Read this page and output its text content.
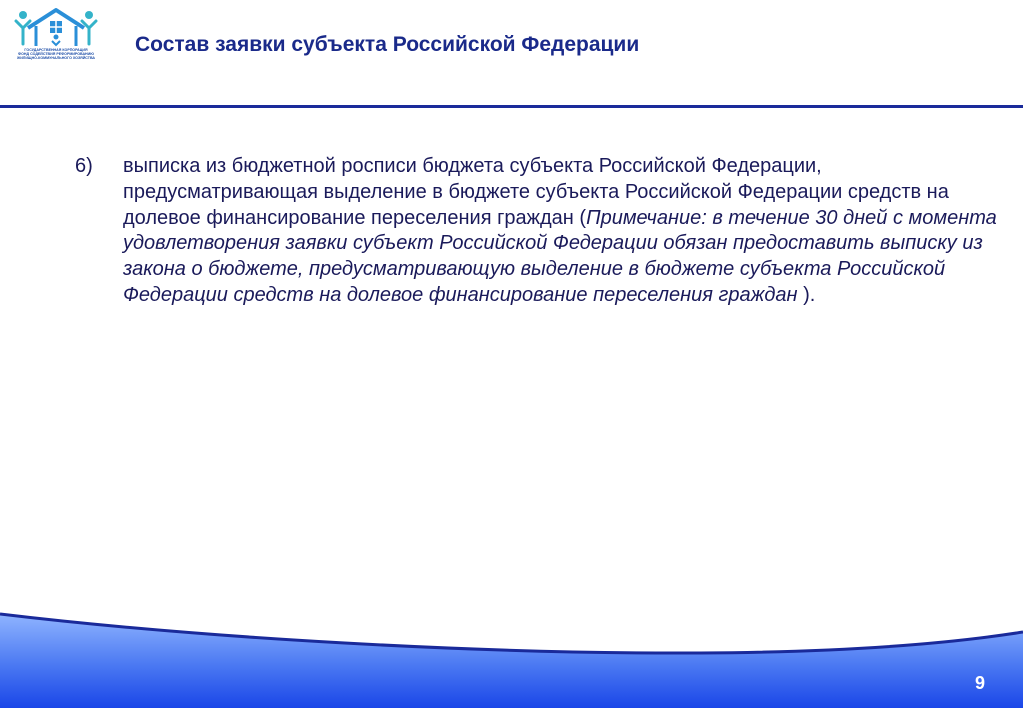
ГОСУДАРСТВЕННАЯ КОРПОРАЦИЯ
ФОНД СОДЕЙСТВИЯ РЕФОРМИРОВАНИЮ
ЖИЛИЩНО-КОММУНАЛЬНОГО ХОЗЯЙСТВА
Состав заявки субъекта Российской Федерации
6) выписка из бюджетной росписи бюджета субъекта Российской Федерации, предусматривающая выделение в бюджете субъекта Российской Федерации средств на долевое финансирование переселения граждан (Примечание: в течение 30 дней с момента удовлетворения заявки субъект Российской Федерации обязан предоставить выписку из закона о бюджете, предусматривающую выделение в бюджете субъекта Российской Федерации средств на долевое финансирование переселения граждан ).
9
